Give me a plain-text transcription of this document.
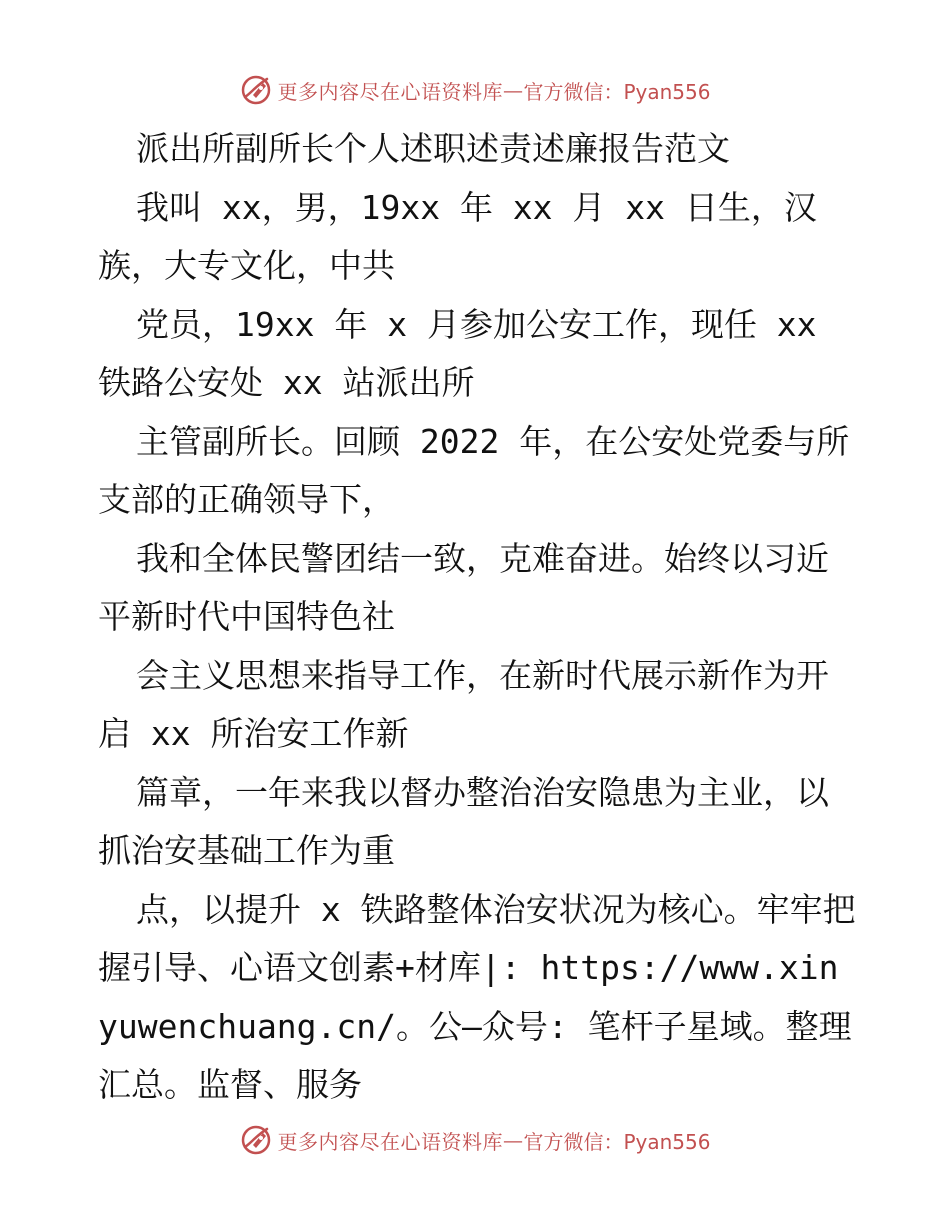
更多内容尽在心语资料库 — 官方微信：Pyan556

派出所副所长个人述职述责述廉报告范文

我叫 xx，男，19xx 年 xx 月 xx 日生，汉族，大专文化，中共

党员，19xx 年 x 月参加公安工作，现任 xx 铁路公安处 xx 站派出所

主管副所长。回顾 2022 年，在公安处党委与所支部的正确领导下，

我和全体民警团结一致，克难奋进。始终以习近平新时代中国特色社

会主义思想来指导工作，在新时代展示新作为开启 xx 所治安工作新

篇章，一年来我以督办整治治安隐患为主业，以抓治安基础工作为重

点，以提升 x 铁路整体治安状况为核心。牢牢把握引导、心语文创素+材库|: https://www.xinyuwenchuang.cn/。公—众号: 笔杆子星域。整理汇总。监督、服务

更多内容尽在心语资料库 — 官方微信：Pyan556
